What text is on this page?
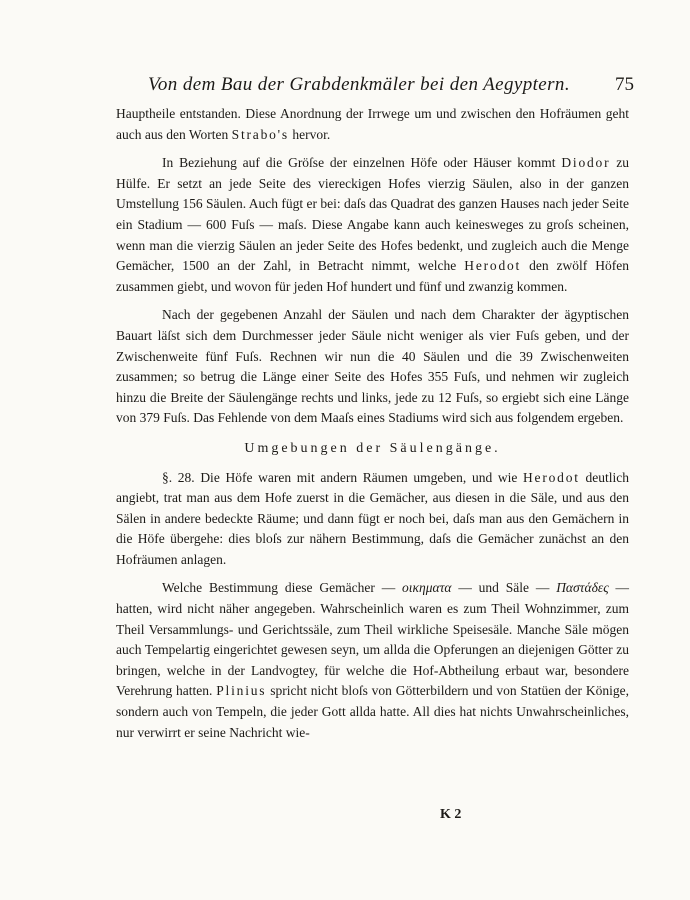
Von dem Bau der Grabdenkmäler bei den Aegyptern. 75

Hauptheile entstanden. Diese Anordnung der Irrwege um und zwischen den Hofräumen geht auch aus den Worten Strabo's hervor.

In Beziehung auf die Gröſse der einzelnen Höfe oder Häuser kommt Diodor zu Hülfe. Er setzt an jede Seite des viereckigen Hofes vierzig Säulen, also in der ganzen Umstellung 156 Säulen. Auch fügt er bei: daſs das Quadrat des ganzen Hauses nach jeder Seite ein Stadium — 600 Fuſs — maſs. Diese Angabe kann auch keinesweges zu groſs scheinen, wenn man die vierzig Säulen an jeder Seite des Hofes bedenkt, und zugleich auch die Menge Gemächer, 1500 an der Zahl, in Betracht nimmt, welche Herodot den zwölf Höfen zusammen giebt, und wovon für jeden Hof hundert und fünf und zwanzig kommen.

Nach der gegebenen Anzahl der Säulen und nach dem Charakter der ägyptischen Bauart läſst sich dem Durchmesser jeder Säule nicht weniger als vier Fuſs geben, und der Zwischenweite fünf Fuſs. Rechnen wir nun die 40 Säulen und die 39 Zwischenweiten zusammen; so betrug die Länge einer Seite des Hofes 355 Fuſs, und nehmen wir zugleich hinzu die Breite der Säulengänge rechts und links, jede zu 12 Fuſs, so ergiebt sich eine Länge von 379 Fuſs. Das Fehlende von dem Maaſs eines Stadiums wird sich aus folgendem ergeben.

Umgebungen der Säulengänge.

§. 28. Die Höfe waren mit andern Räumen umgeben, und wie Herodot deutlich angiebt, trat man aus dem Hofe zuerst in die Gemächer, aus diesen in die Säle, und aus den Sälen in andere bedeckte Räume; und dann fügt er noch bei, daſs man aus den Gemächern in die Höfe übergehe: dies bloſs zur nähern Bestimmung, daſs die Gemächer zunächst an den Hofräumen anlagen.

Welche Bestimmung diese Gemächer — οικηματα — und Säle — Παστάδες — hatten, wird nicht näher angegeben. Wahrscheinlich waren es zum Theil Wohnzimmer, zum Theil Versammlungs- und Gerichtssäle, zum Theil wirkliche Speisesäle. Manche Säle mögen auch Tempelartig eingerichtet gewesen seyn, um allda die Opferungen an diejenigen Götter zu bringen, welche in der Landvogtey, für welche die Hof-Abtheilung erbaut war, besondere Verehrung hatten. Plinius spricht nicht bloſs von Götterbildern und von Statüen der Könige, sondern auch von Tempeln, die jeder Gott allda hatte. All dies hat nichts Unwahrscheinliches, nur verwirrt er seine Nachricht wie-

K 2
